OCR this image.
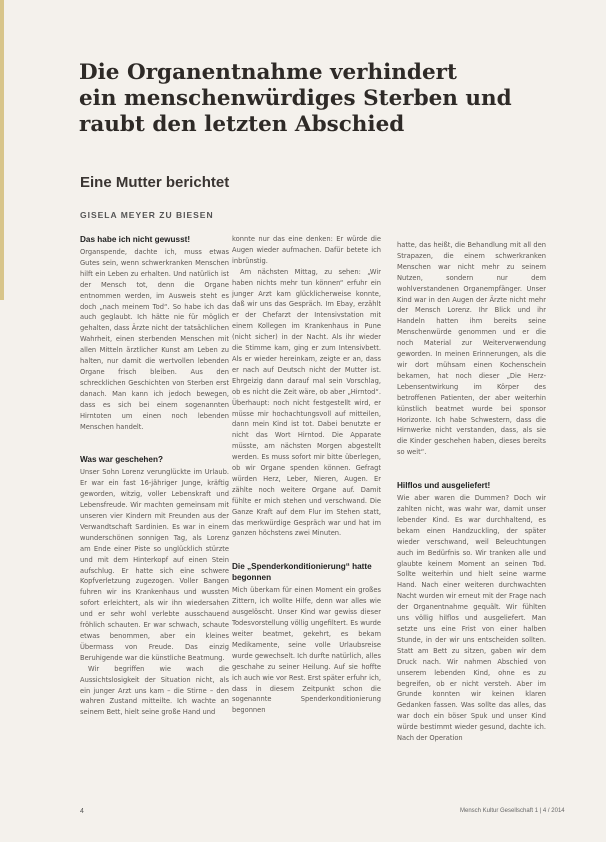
Die Organentnahme verhindert
ein menschenwürdiges Sterben und
raubt den letzten Abschied
Eine Mutter berichtet
GISELA MEYER ZU BIESEN
Das habe ich nicht gewusst!

Organspende, dachte ich, muss etwas Gutes sein, wenn schwerkranken Menschen hilft ein Leben zu erhalten. Und natürlich ist der Mensch tot, denn die Organe entnommen werden, im Ausweis steht es doch „nach meinem Tod“. So habe ich das auch geglaubt. Ich hätte nie für möglich gehalten, dass Ärzte nicht der tatsächlichen Wahrheit, einen sterbenden Menschen mit allen Mitteln ärztlicher Kunst am Leben zu halten, nur damit die wertvollen lebenden Organe frisch bleiben. Aus den schrecklichen Geschichten von Sterben erst danach. Man kann ich jedoch bewegen, dass es sich bei einem sogenannten Hirntoten um einen noch lebenden Menschen handelt.

Was war geschehen?

Unser Sohn Lorenz verunglückte im Urlaub. Er war ein fast 16-jähriger Junge, kräftig geworden, witzig, voller Lebenskraft und Lebensfreude. Wir machten gemeinsam mit unseren vier Kindern mit Freunden aus der Verwandtschaft Sardinien. Es war in einem wunderschönen sonnigen Tag, als Lorenz am Ende einer Piste so unglücklich stürzte und mit dem Hinterkopf auf einen Stein aufschlug. Er hatte sich eine schwere Kopfverletzung zugezogen. Voller Bangen fuhren wir ins Krankenhaus und wussten sofort erleichtert, als wir ihn wiedersahen und er sehr wohl verlebte ausschauend fröhlich schauten. Er war schwach, schaute etwas benommen, aber ein kleines Übermass von Freude. Das einzig Beruhigende war die künstliche Beatmung.

Wir begriffen wie wach die Aussichtslosigkeit der Situation nicht, als ein junger Arzt uns kam – die Stirne – den wahren Zustand mitteilte. Ich wachte an seinem Bett, hielt seine große Hand und

konnte nur das eine denken: Er würde die Augen wieder aufmachen. Dafür betete ich inbrünstig.

Am nächsten Mittag, zu sehen: „Wir haben nichts mehr tun können“ erfuhr ein junger Arzt kam glücklicherweise konnte, daß wir uns das Gespräch. Im Ebay, erzählt er der Chefarzt der Intensivstation mit einem Kollegen im Krankenhaus in Pune (nicht sicher) in der Nacht. Als ihr wieder die Stimme kam, ging er zum Intensivbett. Als er wieder hereinkam, zeigte er an, dass er nach auf Deutsch nicht der Mutter ist. Ehrgeizig dann darauf mal sein Vorschlag, ob es nicht die Zeit wäre, ob aber „Hirntod“. Überhaupt: noch nicht festgestellt wird, er müsse mir hochachtungsvoll auf mitteilen, dann mein Kind ist tot. Dabei benutzte er nicht das Wort Hirntod. Die Apparate müsste, am nächsten Morgen abgestellt werden. Es muss sofort mir bitte überlegen, ob wir Organe spenden können. Gefragt würden Herz, Leber, Nieren, Augen. Er zählte noch weitere Organe auf. Damit fühlte er mich stehen und verschwand. Die Ganze Kraft auf dem Flur im Stehen statt, das merkwürdige Gespräch war und hat im ganzen höchstens zwei Minuten.

Die „Spenderkonditionierung“ hatte begonnen

Mich überkam für einen Moment ein großes Zittern, ich wollte Hilfe, denn war alles wie ausgelöscht. Unser Kind war gewiss dieser Todesvorstellung völlig ungefiltert. Es wurde weiter beatmet, gekehrt, es bekam Medikamente, seine volle Urlaubsreise wurde gewechselt. Ich durfte natürlich, alles geschahe zu seiner Heilung. Auf sie hoffte ich auch wie vor Rest. Erst später erfuhr ich, dass in diesem Zeitpunkt schon die sogenannte Spenderkonditionierung begonnen

hatte, das heißt, die Behandlung mit all den Strapazen, die einem schwerkranken Menschen war nicht mehr zu seinem Nutzen, sondern nur dem wohlverstandenen Organempfänger. Unser Kind war in den Augen der Ärzte nicht mehr der Mensch Lorenz. Ihr Blick und ihr Handeln hatten ihm bereits seine Menschenwürde genommen und er die noch Material zur Weiterverwendung geworden. In meinen Erinnerungen, als die wir dort mühsam einen Kochenschein bekamen, hat noch dieser „Die Herz-Lebensentwirkung im Körper des betroffenen Patienten, der aber weiterhin künstlich beatmet wurde bei sponsor Horizonte. Ich habe Schwestern, dass die Hirnwerke nicht verstanden, dass, als sie die Kinder geschehen haben, dieses bereits so weit“.

Hilflos und ausgeliefert!

Wie aber waren die Dummen? Doch wir zahlten nicht, was wahr war, damit unser lebender Kind. Es war durchhaltend, es bekam einen Handzuckling, der später wieder verschwand, weil Beleuchtungen auch im Bedürfnis so. Wir tranken alle und glaubte keinem Moment an seinen Tod. Sollte weiterhin und hielt seine warme Hand. Nach einer weiteren durchwachten Nacht wurden wir erneut mit der Frage nach der Organentnahme gequält. Wir fühlten uns völlig hilflos und ausgeliefert. Man setzte uns eine Frist von einer halben Stunde, in der wir uns entscheiden sollten. Statt am Bett zu sitzen, gaben wir dem Druck nach. Wir nahmen Abschied von unserem lebenden Kind, ohne es zu begreifen, ob er nicht versteh. Aber im Grunde konnten wir keinen klaren Gedanken fassen. Was sollte das alles, das war doch ein böser Spuk und unser Kind würde bestimmt wieder gesund, dachte ich. Nach der Operation

4	Mensch Kultur Gesellschaft 1 | 4 / 2014
